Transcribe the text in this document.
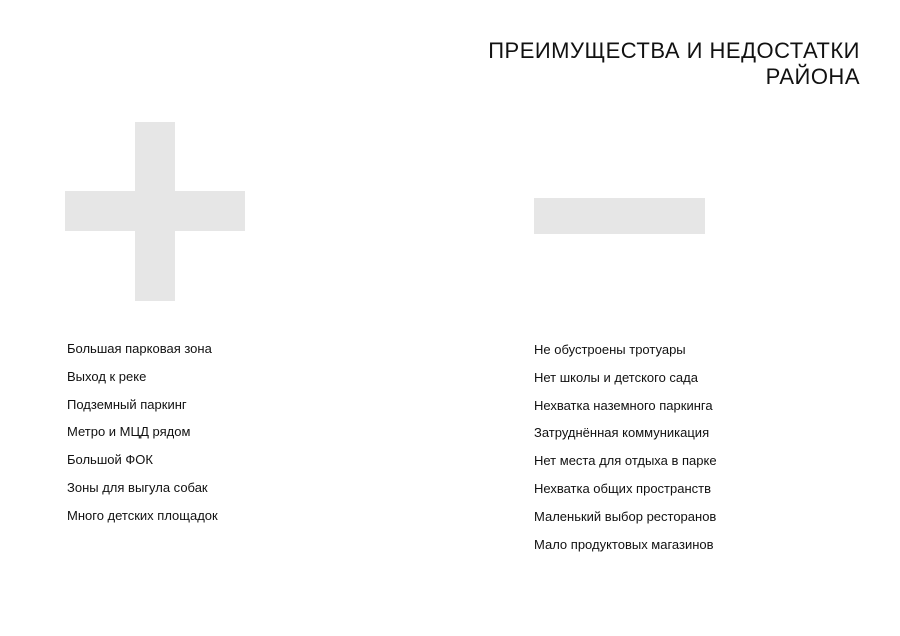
ПРЕИМУЩЕСТВА И НЕДОСТАТКИ
РАЙОНА
Большая парковая зона
Выход к реке
Подземный паркинг
Метро и МЦД рядом
Большой ФОК
Зоны для выгула собак
Много детских площадок
Не обустроены тротуары
Нет школы и детского сада
Нехватка наземного паркинга
Затруднённая коммуникация
Нет места для отдыха в парке
Нехватка общих пространств
Маленький выбор ресторанов
Мало продуктовых магазинов
